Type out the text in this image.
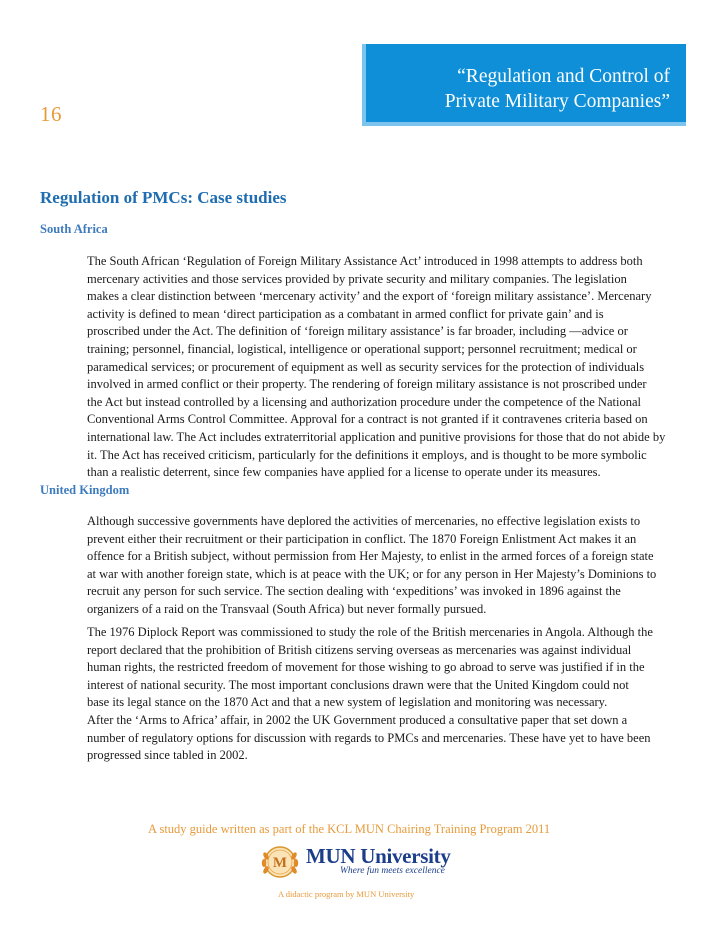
16
“Regulation and Control of
Private Military Companies”
Regulation of PMCs: Case studies
South Africa
The South African ‘Regulation of Foreign Military Assistance Act’ introduced in 1998 attempts to address both
mercenary activities and those services provided by private security and military companies. The legislation
makes a clear distinction between ‘mercenary activity’ and the export of ‘foreign military assistance’. Mercenary
activity is defined to mean ‘direct participation as a combatant in armed conflict for private gain’ and is
proscribed under the Act. The definition of ‘foreign military assistance’ is far broader, including —advice or
training; personnel, financial, logistical, intelligence or operational support; personnel recruitment; medical or
paramedical services; or procurement of equipment as well as security services for the protection of individuals
involved in armed conflict or their property. The rendering of foreign military assistance is not proscribed under
the Act but instead controlled by a licensing and authorization procedure under the competence of the National
Conventional Arms Control Committee. Approval for a contract is not granted if it contravenes criteria based on
international law. The Act includes extraterritorial application and punitive provisions for those that do not abide by
it. The Act has received criticism, particularly for the definitions it employs, and is thought to be more symbolic
than a realistic deterrent, since few companies have applied for a license to operate under its measures.
United Kingdom
Although successive governments have deplored the activities of mercenaries, no effective legislation exists to
prevent either their recruitment or their participation in conflict. The 1870 Foreign Enlistment Act makes it an
offence for a British subject, without permission from Her Majesty, to enlist in the armed forces of a foreign state
at war with another foreign state, which is at peace with the UK; or for any person in Her Majesty’s Dominions to
recruit any person for such service. The section dealing with ‘expeditions’ was invoked in 1896 against the
organizers of a raid on the Transvaal (South Africa) but never formally pursued.
The 1976 Diplock Report was commissioned to study the role of the British mercenaries in Angola. Although the
report declared that the prohibition of British citizens serving overseas as mercenaries was against individual
human rights, the restricted freedom of movement for those wishing to go abroad to serve was justified if in the
interest of national security. The most important conclusions drawn were that the United Kingdom could not
base its legal stance on the 1870 Act and that a new system of legislation and monitoring was necessary.
After the ‘Arms to Africa’ affair, in 2002 the UK Government produced a consultative paper that set down a
number of regulatory options for discussion with regards to PMCs and mercenaries. These have yet to have been
progressed since tabled in 2002.
A study guide written as part of the KCL MUN Chairing Training Program 2011
M MUN University
Where fun meets excellence
A didactic program by MUN University
